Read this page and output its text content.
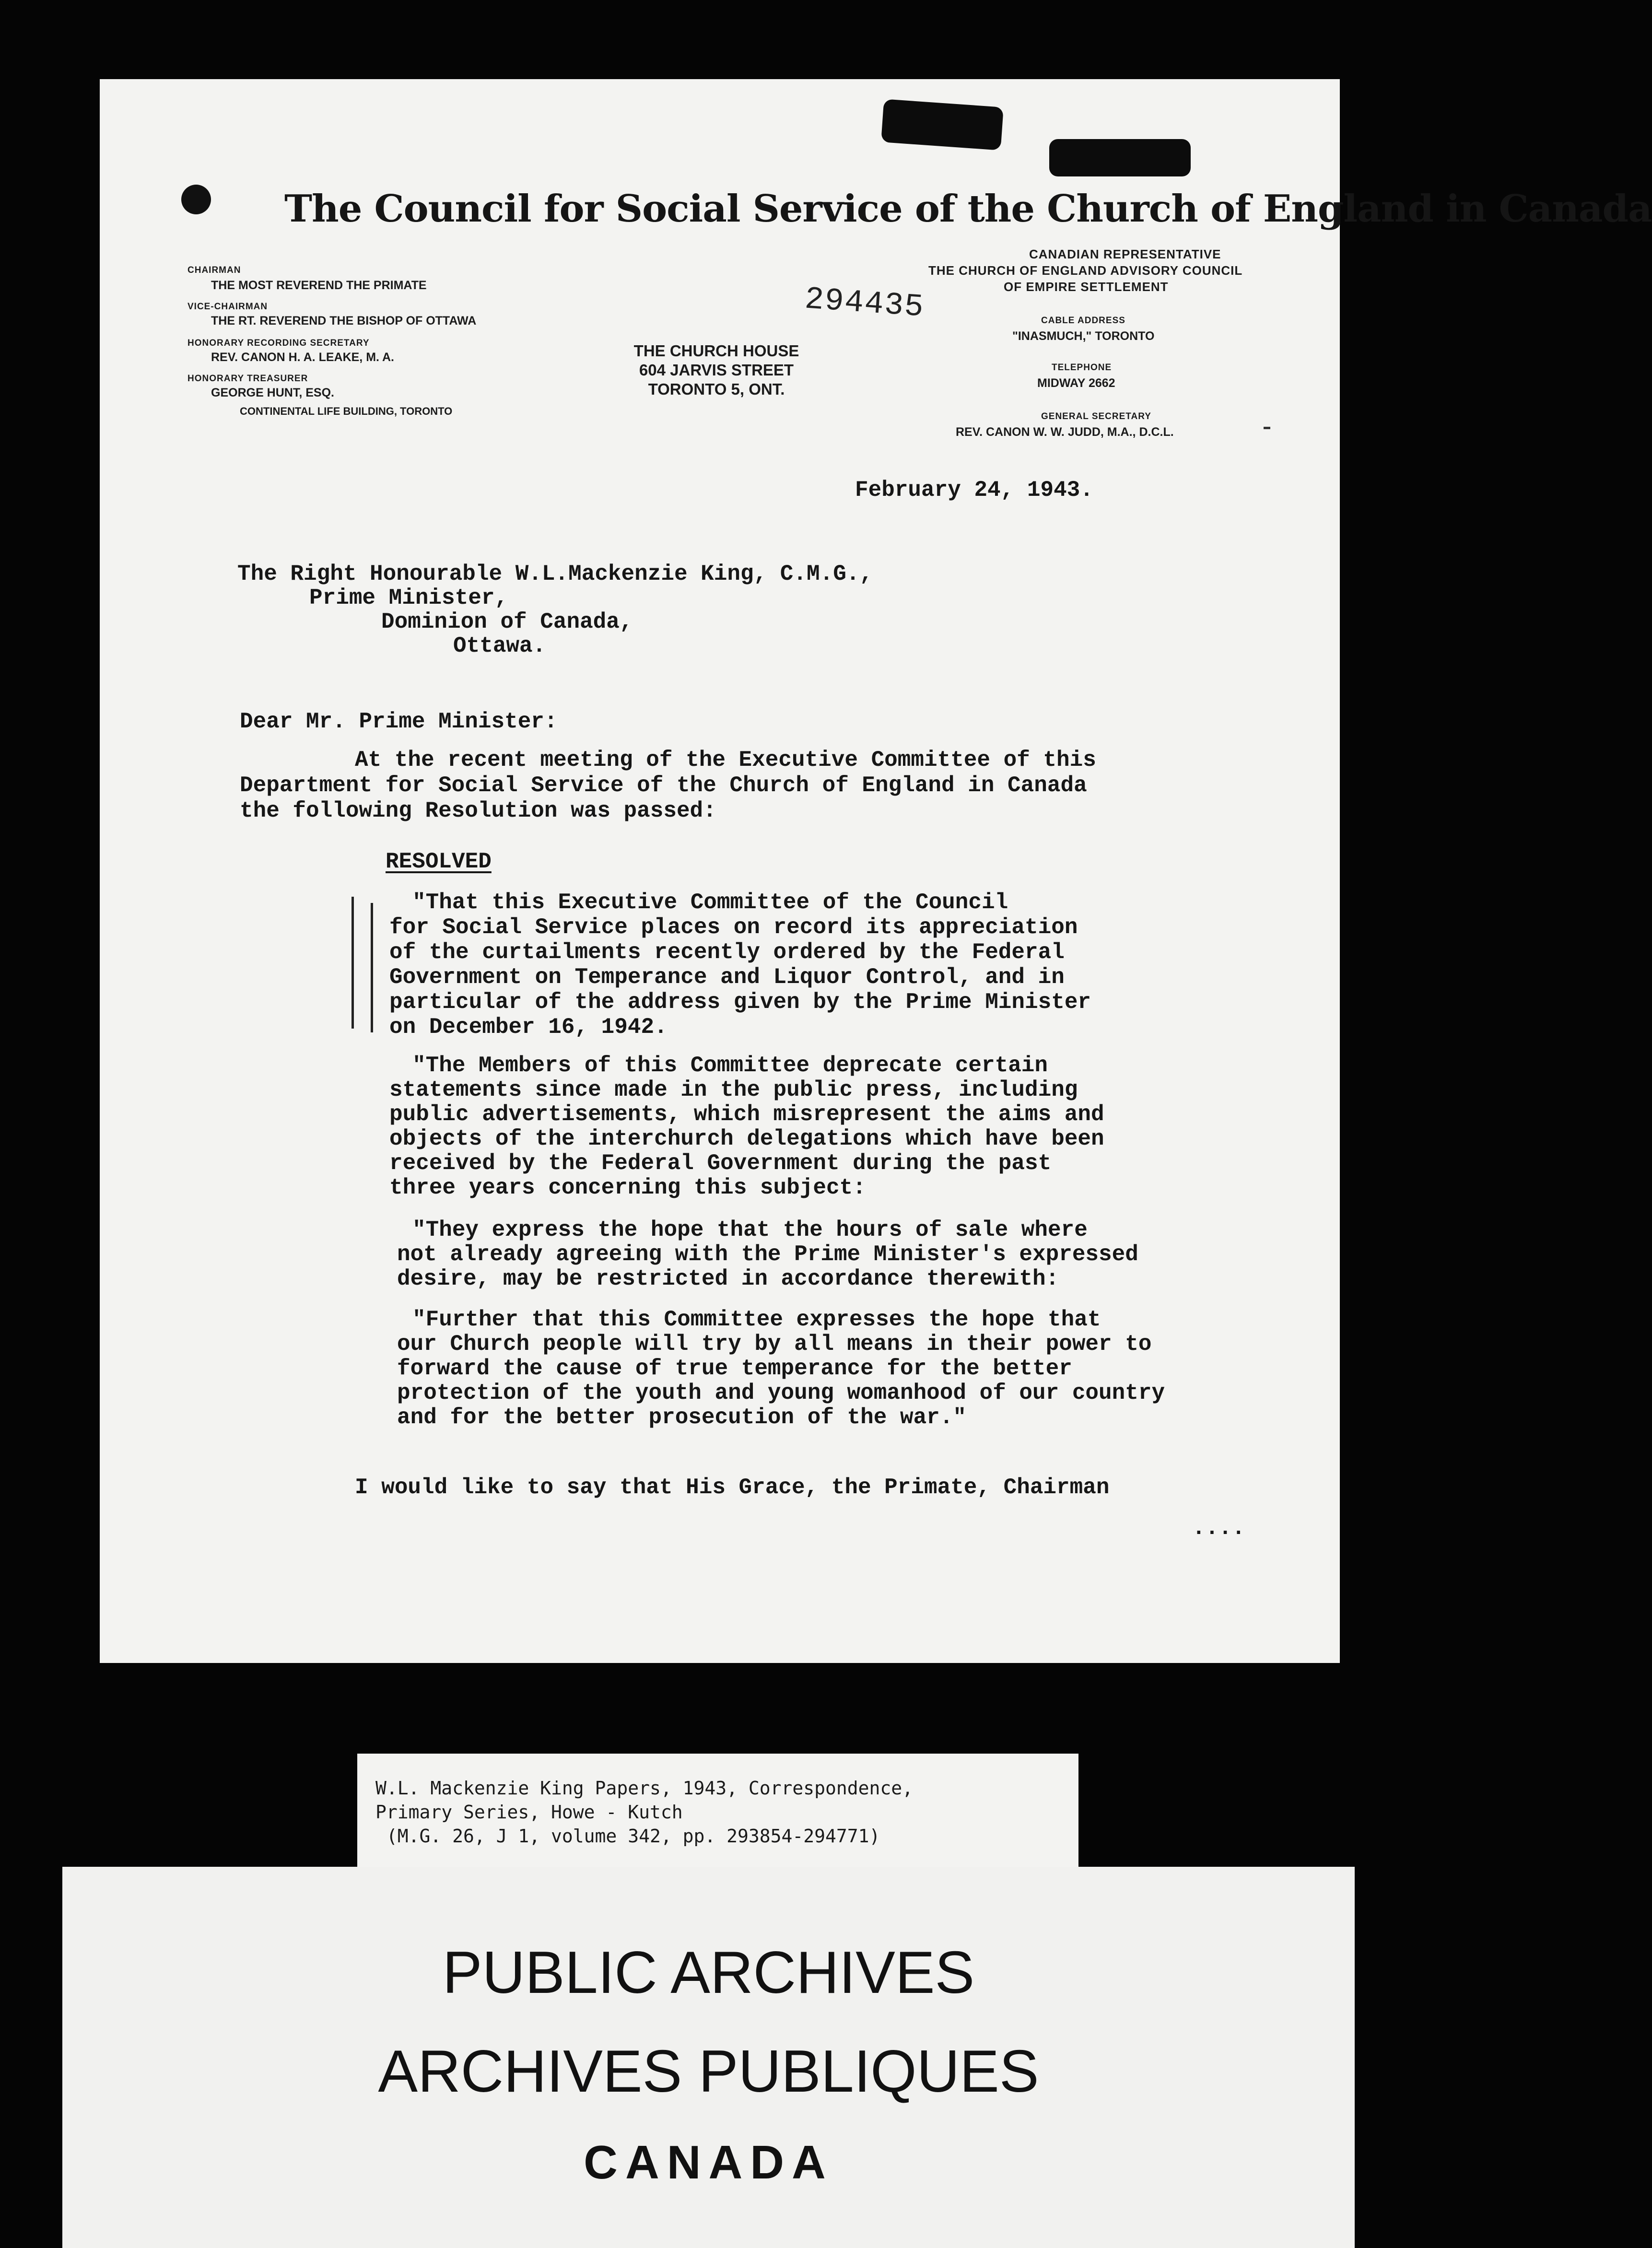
The Council for Social Service of the Church of England in Canada
CHAIRMAN
THE MOST REVEREND THE PRIMATE
VICE-CHAIRMAN
THE RT. REVEREND THE BISHOP OF OTTAWA
HONORARY RECORDING SECRETARY
REV. CANON H. A. LEAKE, M. A.
HONORARY TREASURER
GEORGE HUNT, ESQ.
CONTINENTAL LIFE BUILDING, TORONTO
THE CHURCH HOUSE
604 JARVIS STREET
TORONTO 5, ONT.
CANADIAN REPRESENTATIVE
THE CHURCH OF ENGLAND ADVISORY COUNCIL
OF EMPIRE SETTLEMENT
CABLE ADDRESS
"INASMUCH," TORONTO
TELEPHONE
MIDWAY 2662
GENERAL SECRETARY
REV. CANON W. W. JUDD, M.A., D.C.L.
294435
February 24, 1943.
The Right Honourable W.L.Mackenzie King, C.M.G.,
Prime Minister,
Dominion of Canada,
Ottawa.
Dear Mr. Prime Minister:
At the recent meeting of the Executive Committee of this
Department for Social Service of the Church of England in Canada
the following Resolution was passed:
RESOLVED
"That this Executive Committee of the Council
for Social Service places on record its appreciation
of the curtailments recently ordered by the Federal
Government on Temperance and Liquor Control, and in
particular of the address given by the Prime Minister
on December 16, 1942.
"The Members of this Committee deprecate certain
statements since made in the public press, including
public advertisements, which misrepresent the aims and
objects of the interchurch delegations which have been
received by the Federal Government during the past
three years concerning this subject:
"They express the hope that the hours of sale where
not already agreeing with the Prime Minister's expressed
desire, may be restricted in accordance therewith:
"Further that this Committee expresses the hope that
our Church people will try by all means in their power to
forward the cause of true temperance for the better
protection of the youth and young womanhood of our country
and for the better prosecution of the war."
I would like to say that His Grace, the Primate, Chairman
....
W.L. Mackenzie King Papers, 1943, Correspondence,
Primary Series, Howe - Kutch
(M.G. 26, J 1, volume 342, pp. 293854-294771)
PUBLIC ARCHIVES
ARCHIVES PUBLIQUES
CANADA
